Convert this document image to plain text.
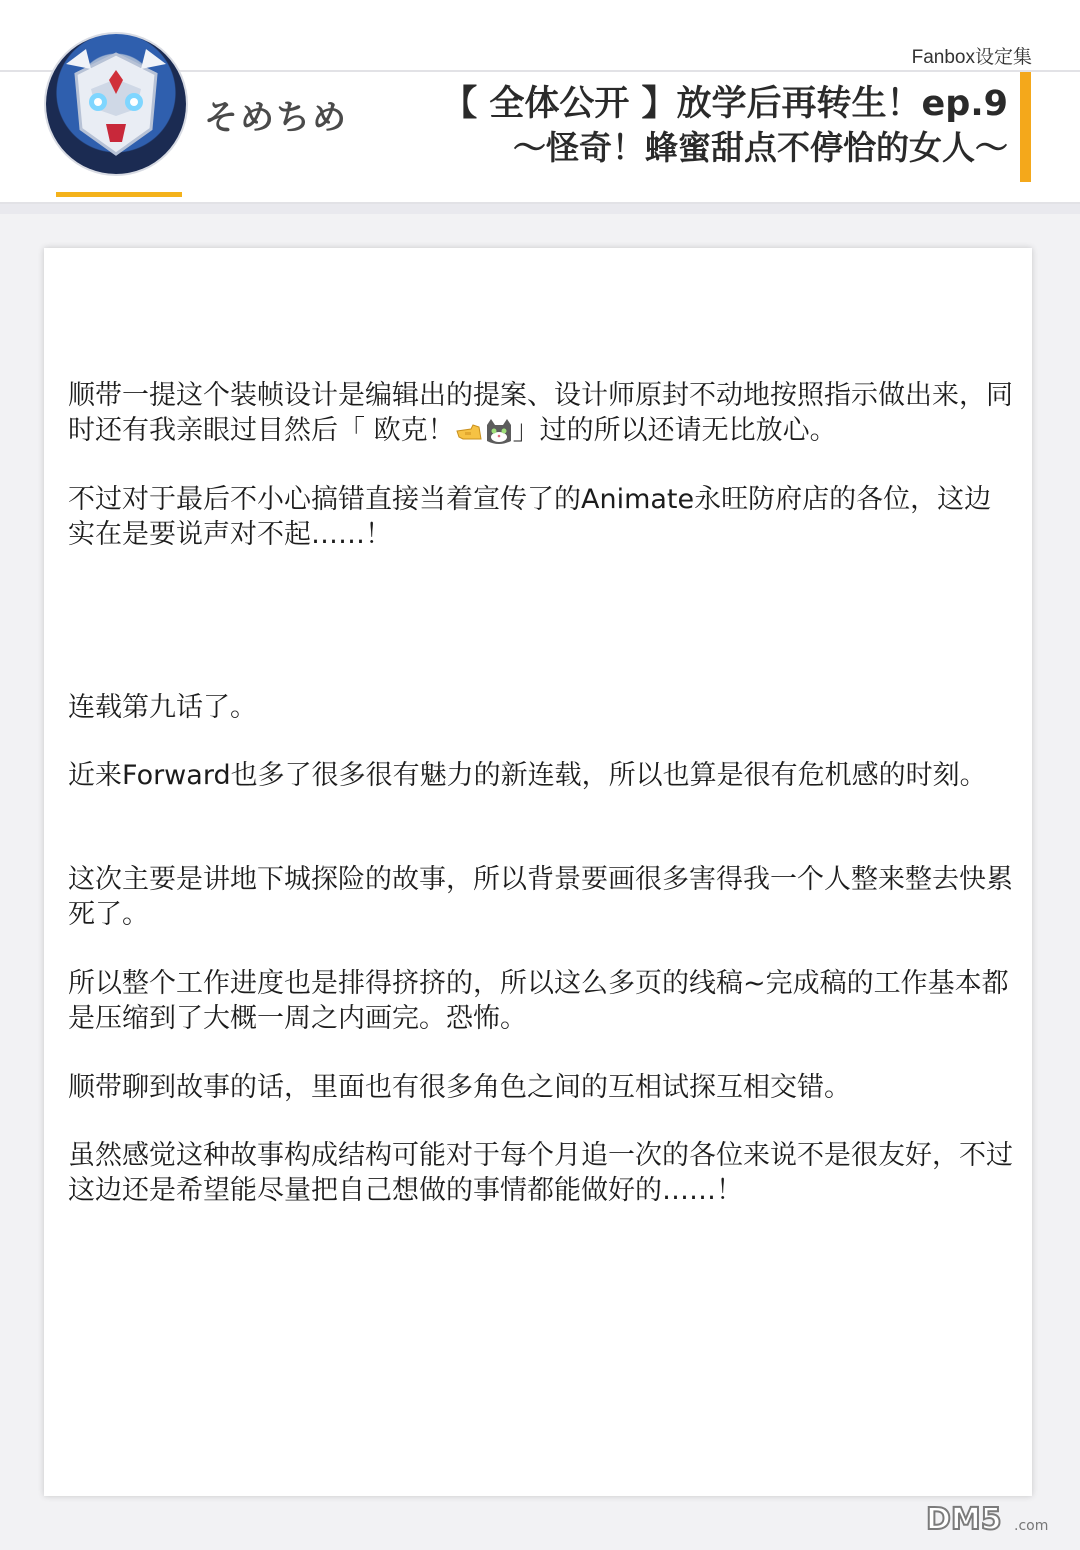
Fanbox设定集
そめちめ	【 全体公开 】放学后再转生！ep.9
～怪奇！蜂蜜甜点不停恰的女人～

顺带一提这个装帧设计是编辑出的提案、设计师原封不动地按照指示做出来，同时还有我亲眼过目然后「 欧克！ 」过的所以还请无比放心。

不过对于最后不小心搞错直接当着宣传了的Animate永旺防府店的各位，这边实在是要说声对不起……！

连载第九话了。

近来Forward也多了很多很有魅力的新连载，所以也算是很有危机感的时刻。

这次主要是讲地下城探险的故事，所以背景要画很多害得我一个人整来整去快累死了。

所以整个工作进度也是排得挤挤的，所以这么多页的线稿~完成稿的工作基本都是压缩到了大概一周之内画完。恐怖。

顺带聊到故事的话，里面也有很多角色之间的互相试探互相交错。

虽然感觉这种故事构成结构可能对于每个月追一次的各位来说不是很友好，不过这边还是希望能尽量把自己想做的事情都能做好的……！

DM5 .com
